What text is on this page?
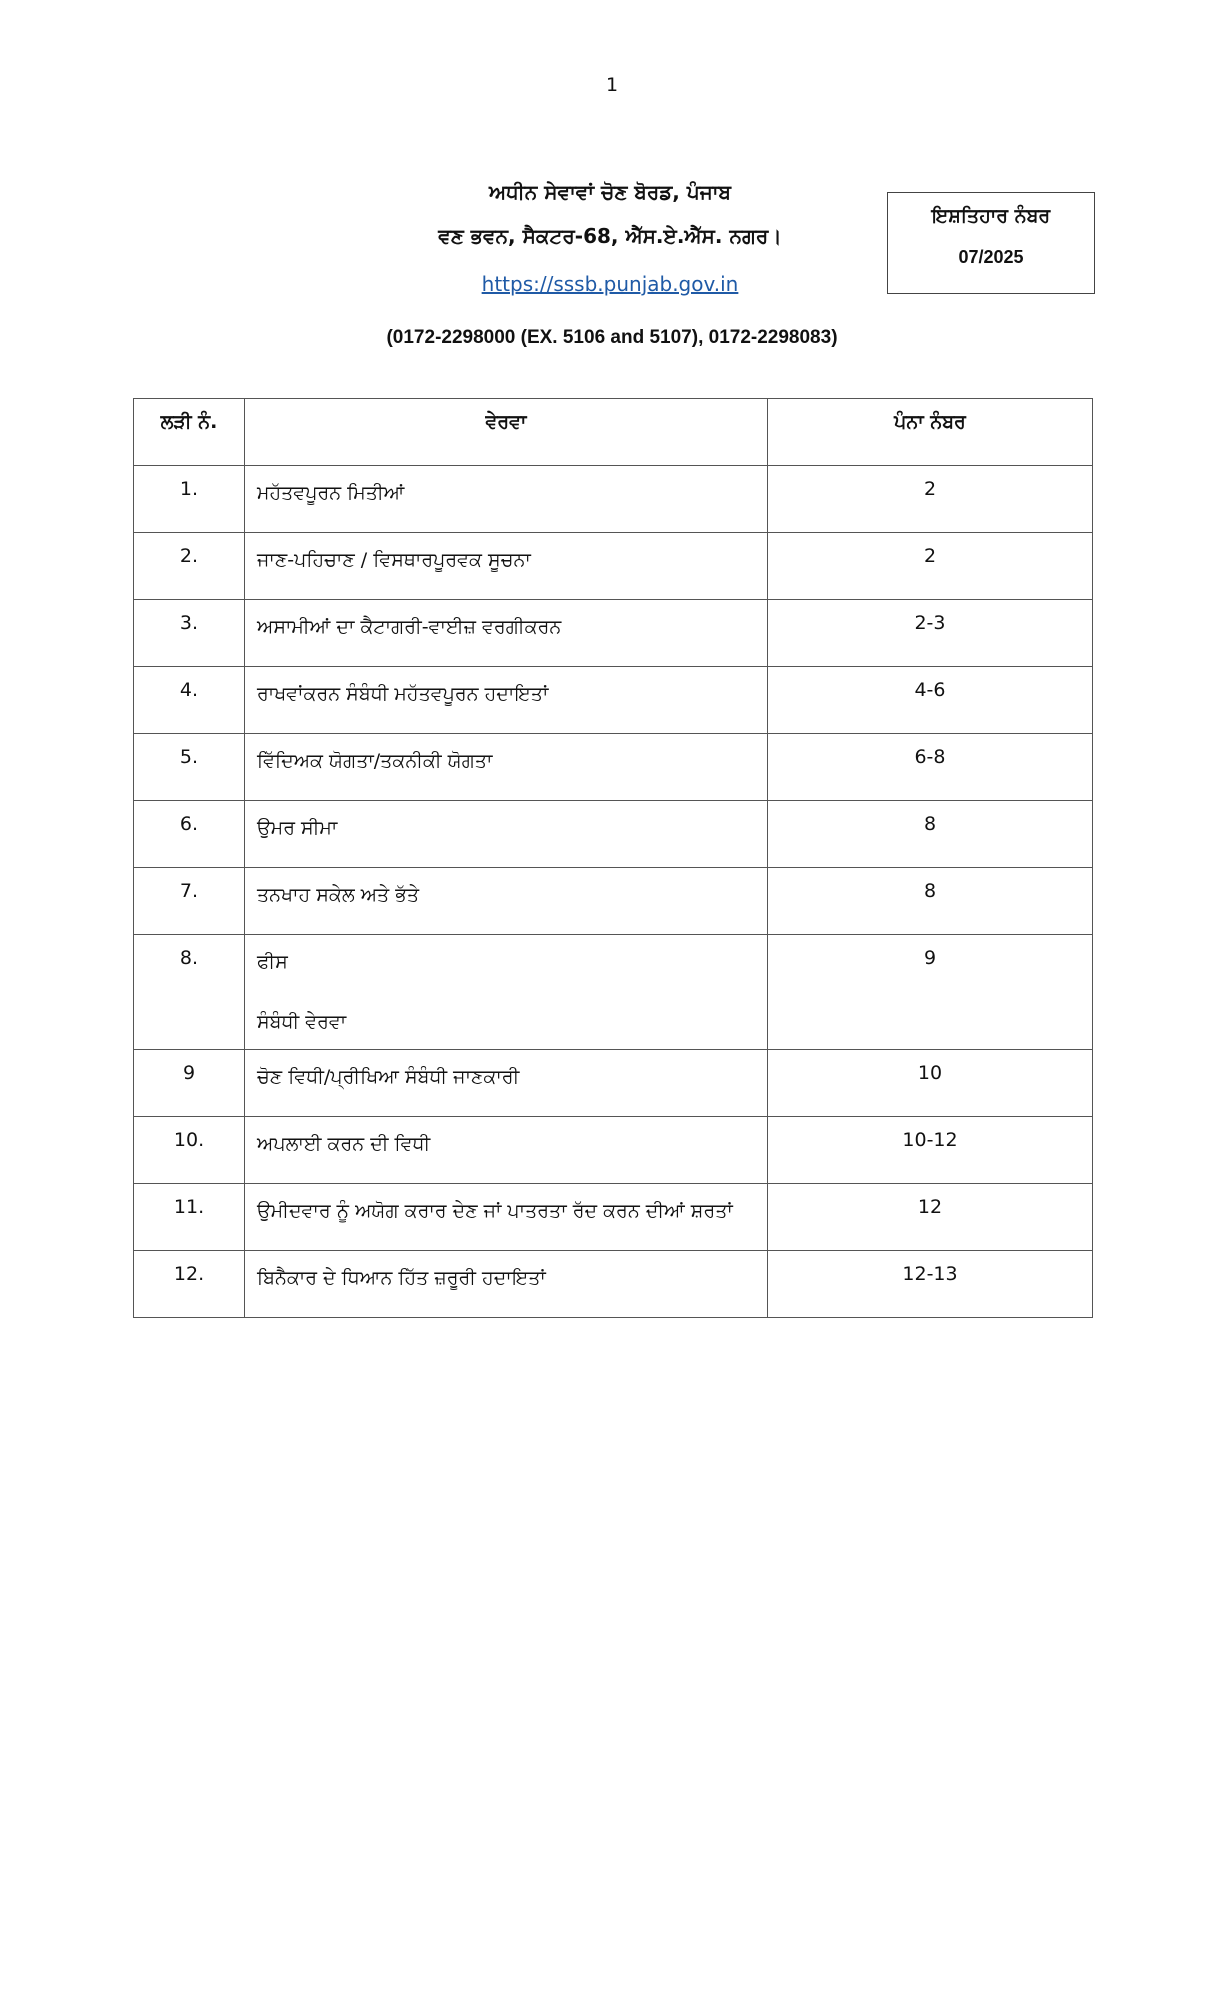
1
ਅਧੀਨ ਸੇਵਾਵਾਂ ਚੋਣ ਬੋਰਡ, ਪੰਜਾਬ
ਵਣ ਭਵਨ, ਸੈਕਟਰ-68, ਐੱਸ.ਏ.ਐੱਸ. ਨਗਰ।
https://sssb.punjab.gov.in
ਇਸ਼ਤਿਹਾਰ ਨੰਬਰ
07/2025
(0172-2298000 (EX. 5106 and 5107), 0172-2298083)
ਲੜੀ ਨੰ.	ਵੇਰਵਾ	ਪੰਨਾ ਨੰਬਰ
1.	ਮਹੱਤਵਪੂਰਨ ਮਿਤੀਆਂ	2
2.	ਜਾਣ-ਪਹਿਚਾਣ / ਵਿਸਥਾਰਪੂਰਵਕ ਸੂਚਨਾ	2
3.	ਅਸਾਮੀਆਂ ਦਾ ਕੈਟਾਗਰੀ-ਵਾਈਜ਼ ਵਰਗੀਕਰਨ	2-3
4.	ਰਾਖਵਾਂਕਰਨ ਸੰਬੰਧੀ ਮਹੱਤਵਪੂਰਨ ਹਦਾਇਤਾਂ	4-6
5.	ਵਿੱਦਿਅਕ ਯੋਗਤਾ/ਤਕਨੀਕੀ ਯੋਗਤਾ	6-8
6.	ਉਮਰ ਸੀਮਾ	8
7.	ਤਨਖਾਹ ਸਕੇਲ ਅਤੇ ਭੱਤੇ	8
8.	ਫੀਸ
ਸੰਬੰਧੀ ਵੇਰਵਾ	9
9	ਚੋਣ ਵਿਧੀ/ਪ੍ਰੀਖਿਆ ਸੰਬੰਧੀ ਜਾਣਕਾਰੀ	10
10.	ਅਪਲਾਈ ਕਰਨ ਦੀ ਵਿਧੀ	10-12
11.	ਉਮੀਦਵਾਰ ਨੂੰ ਅਯੋਗ ਕਰਾਰ ਦੇਣ ਜਾਂ ਪਾਤਰਤਾ ਰੱਦ ਕਰਨ ਦੀਆਂ ਸ਼ਰਤਾਂ	12
12.	ਬਿਨੈਕਾਰ ਦੇ ਧਿਆਨ ਹਿੱਤ ਜ਼ਰੂਰੀ ਹਦਾਇਤਾਂ	12-13
